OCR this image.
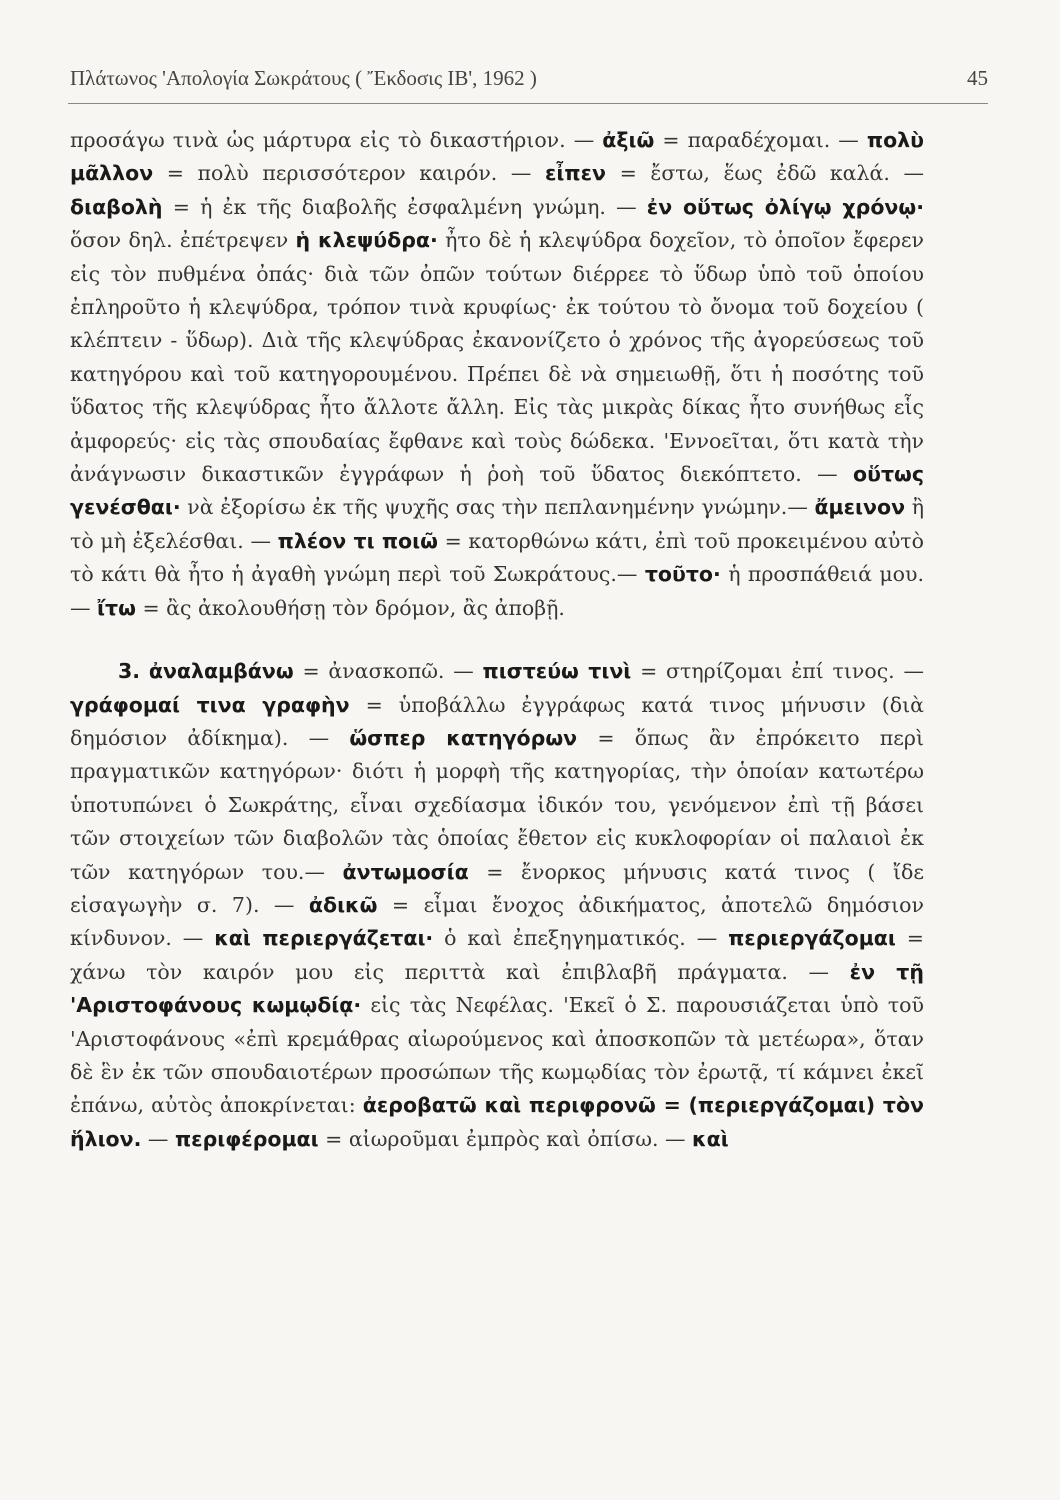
Πλάτωνος 'Απολογία Σωκράτους ( Ἔκδοσις ΙΒ', 1962 )	45

προσάγω τινὰ ὡς μάρτυρα εἰς τὸ δικαστήριον. — ἀξιῶ = παραδέχομαι. — πολὺ μᾶλλον = πολὺ περισσότερον καιρόν. — εἶπεν = ἔστω, ἕως ἐδῶ καλά. — διαβολὴ = ἡ ἐκ τῆς διαβολῆς ἐσφαλμένη γνώμη. — ἐν οὕτως ὀλίγῳ χρόνῳ· ὅσον δηλ. ἐπέτρεψεν ἡ κλεψύδρα· ἦτο δὲ ἡ κλεψύδρα δοχεῖον, τὸ ὁποῖον ἔφερεν εἰς τὸν πυθμένα ὀπάς· διὰ τῶν ὀπῶν τούτων διέρρεε τὸ ὕδωρ ὑπὸ τοῦ ὁποίου ἐπληροῦτο ἡ κλεψύδρα, τρόπον τινὰ κρυφίως· ἐκ τούτου τὸ ὄνομα τοῦ δοχείου ( κλέπτειν - ὕδωρ). Διὰ τῆς κλεψύδρας ἐκανονίζετο ὁ χρόνος τῆς ἀγορεύσεως τοῦ κατηγόρου καὶ τοῦ κατηγορουμένου. Πρέπει δὲ νὰ σημειωθῇ, ὅτι ἡ ποσότης τοῦ ὕδατος τῆς κλεψύδρας ἦτο ἄλλοτε ἄλλη. Εἰς τὰς μικρὰς δίκας ἦτο συνήθως εἷς ἀμφορεύς· εἰς τὰς σπουδαίας ἔφθανε καὶ τοὺς δώδεκα. 'Εννοεῖται, ὅτι κατὰ τὴν ἀνάγνωσιν δικαστικῶν ἐγγράφων ἡ ῥοὴ τοῦ ὕδατος διεκόπτετο. — οὕτως γενέσθαι· νὰ ἐξορίσω ἐκ τῆς ψυχῆς σας τὴν πεπλανημένην γνώμην.— ἄμεινον ἢ τὸ μὴ ἐξελέσθαι. — πλέον τι ποιῶ = κατορθώνω κάτι, ἐπὶ τοῦ προκειμένου αὐτὸ τὸ κάτι θὰ ἦτο ἡ ἀγαθὴ γνώμη περὶ τοῦ Σωκράτους.— τοῦτο· ἡ προσπάθειά μου. — ἴτω = ἂς ἀκολουθήσῃ τὸν δρόμον, ἂς ἀποβῇ.

3. ἀναλαμβάνω = ἀνασκοπῶ. — πιστεύω τινὶ = στηρίζομαι ἐπί τινος. — γράφομαί τινα γραφὴν = ὑποβάλλω ἐγγράφως κατά τινος μήνυσιν (διὰ δημόσιον ἀδίκημα). — ὥσπερ κατηγόρων = ὅπως ἂν ἐπρόκειτο περὶ πραγματικῶν κατηγόρων· διότι ἡ μορφὴ τῆς κατηγορίας, τὴν ὁποίαν κατωτέρω ὑποτυπώνει ὁ Σωκράτης, εἶναι σχεδίασμα ἰδικόν του, γενόμενον ἐπὶ τῇ βάσει τῶν στοιχείων τῶν διαβολῶν τὰς ὁποίας ἔθετον εἰς κυκλοφορίαν οἱ παλαιοὶ ἐκ τῶν κατηγόρων του.— ἀντωμοσία = ἔνορκος μήνυσις κατά τινος ( ἴδε εἰσαγωγὴν σ. 7). — ἀδικῶ = εἶμαι ἔνοχος ἀδικήματος, ἀποτελῶ δημόσιον κίνδυνον. — καὶ περιεργάζεται· ὁ καὶ ἐπεξηγηματικός. — περιεργάζομαι = χάνω τὸν καιρόν μου εἰς περιττὰ καὶ ἐπιβλαβῆ πράγματα. — ἐν τῇ 'Αριστοφάνους κωμῳδίᾳ· εἰς τὰς Νεφέλας. 'Εκεῖ ὁ Σ. παρουσιάζεται ὑπὸ τοῦ 'Αριστοφάνους «ἐπὶ κρεμάθρας αἰωρούμενος καὶ ἀποσκοπῶν τὰ μετέωρα», ὅταν δὲ ἓν ἐκ τῶν σπουδαιοτέρων προσώπων τῆς κωμῳδίας τὸν ἐρωτᾷ, τί κάμνει ἐκεῖ ἐπάνω, αὐτὸς ἀποκρίνεται: ἀεροβατῶ καὶ περιφρονῶ = (περιεργάζομαι) τὸν ἥλιον. — περιφέρομαι = αἰωροῦμαι ἐμπρὸς καὶ ὀπίσω. — καὶ
